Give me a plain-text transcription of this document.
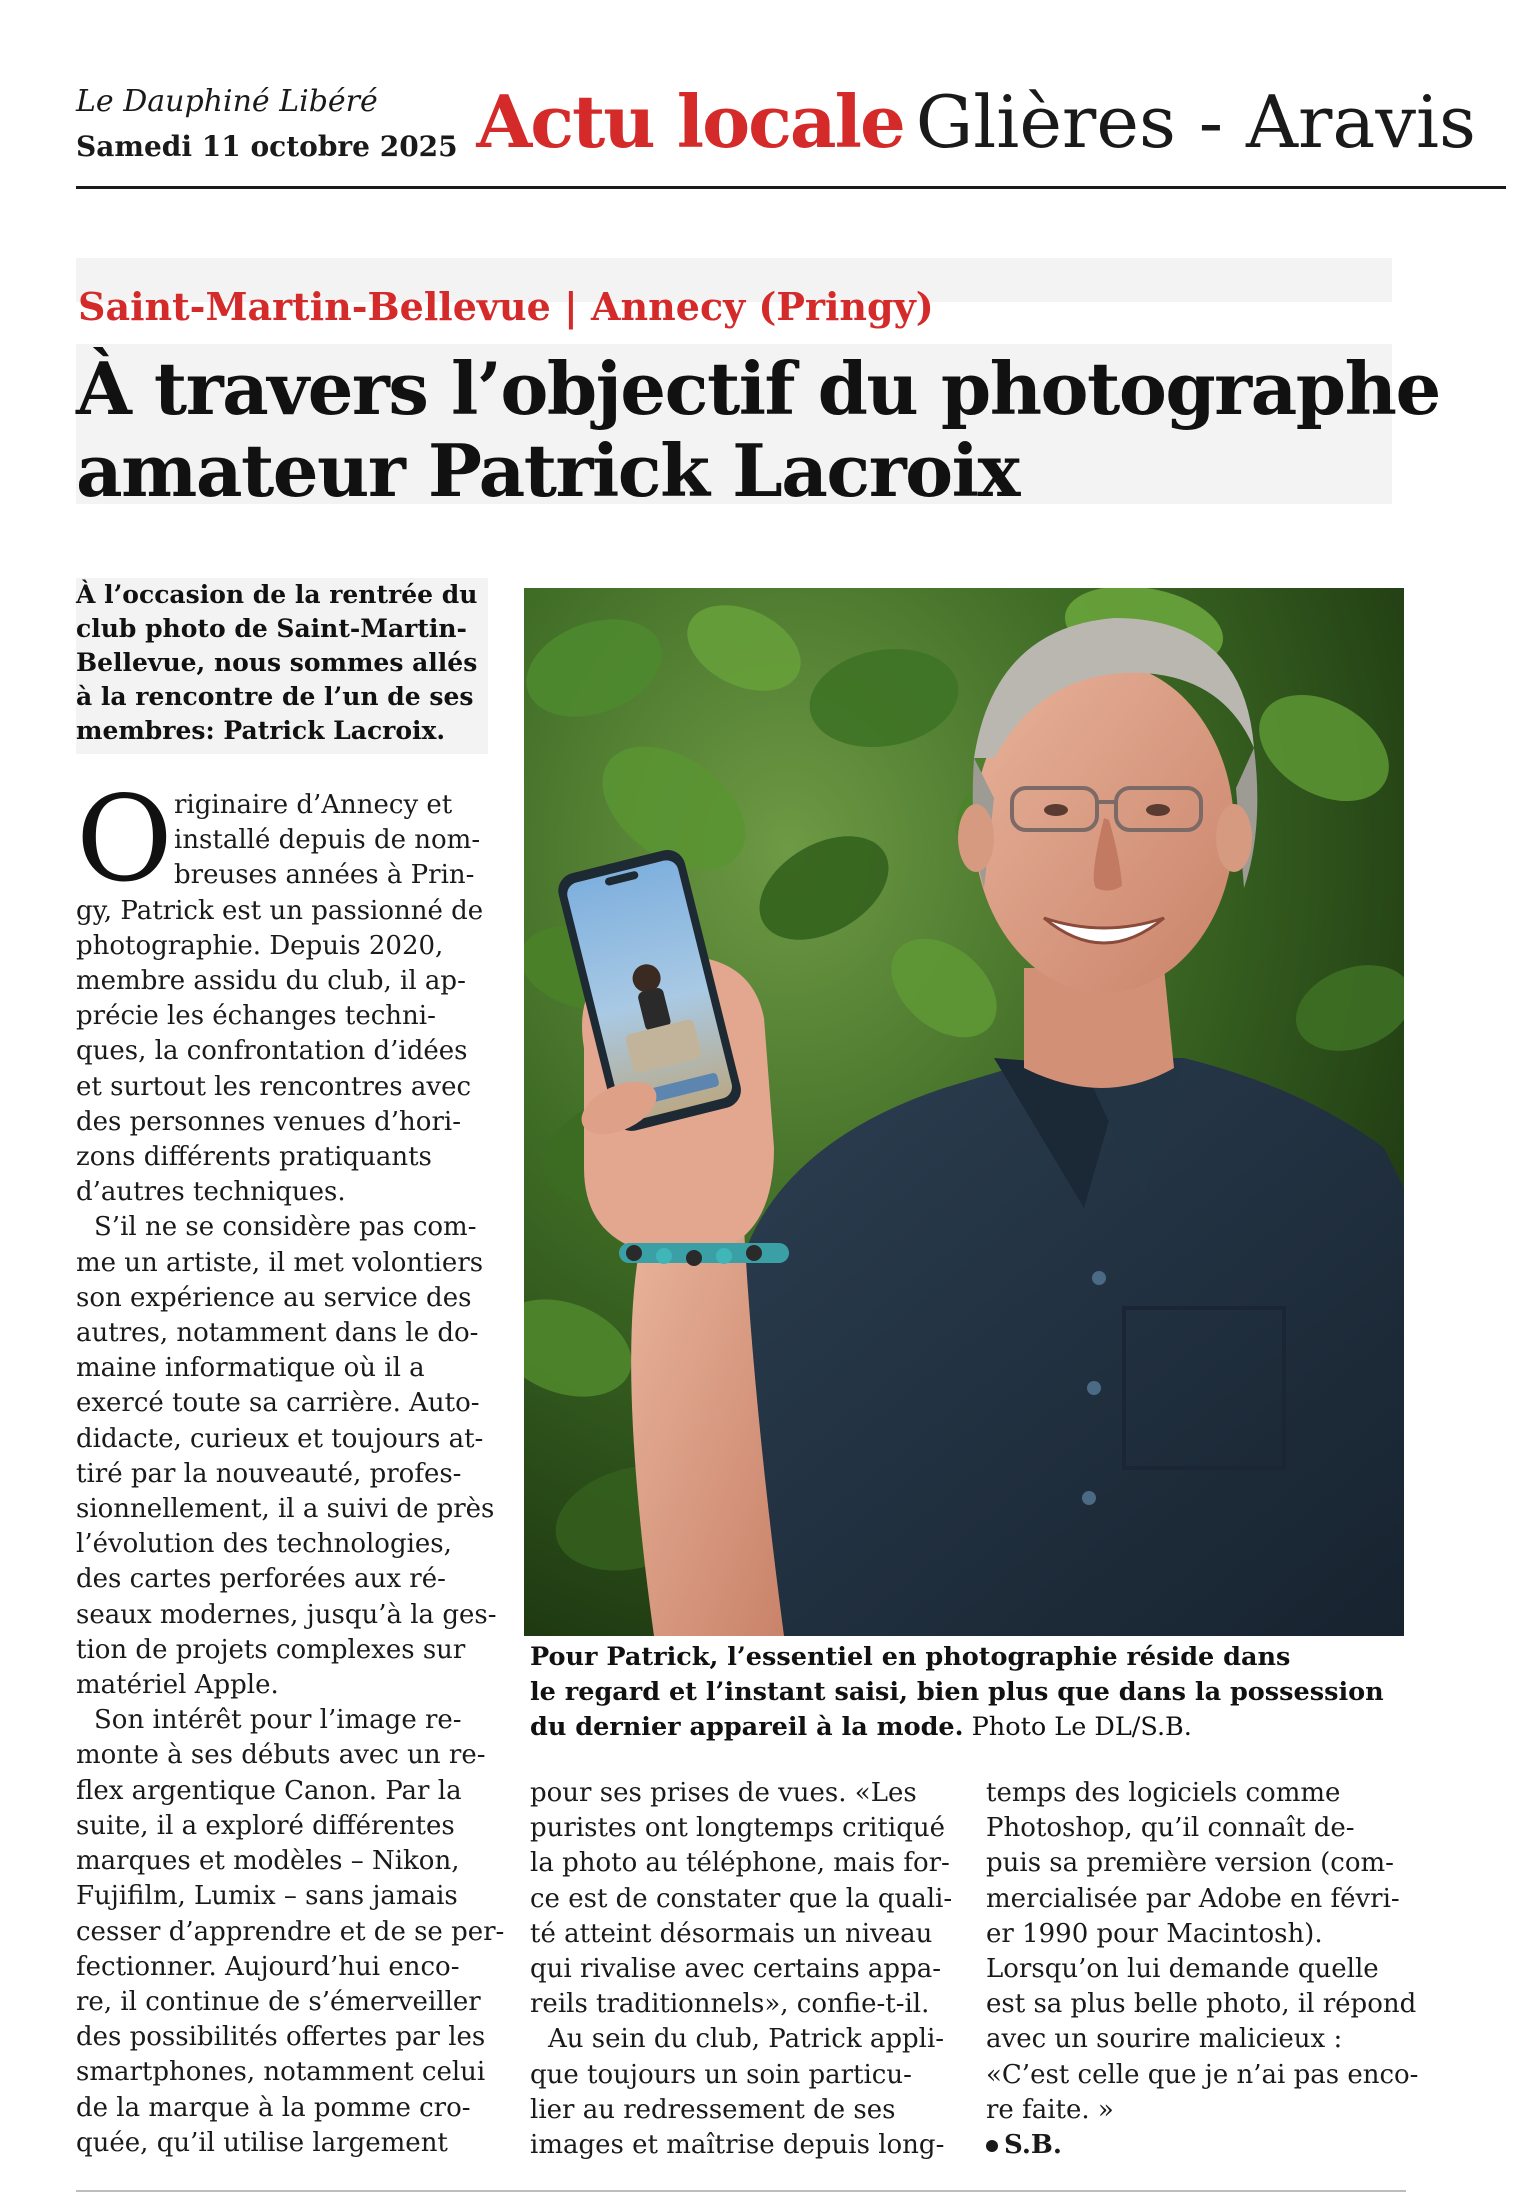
Le Dauphiné Libéré
Samedi 11 octobre 2025 Actu locale Glières - Aravis
Saint-Martin-Bellevue | Annecy (Pringy)
À travers l’objectif du photographe
amateur Patrick Lacroix
À l’occasion de la rentrée du
club photo de Saint-Martin-
Bellevue, nous sommes allés
à la rencontre de l’un de ses
membres: Patrick Lacroix.
O riginaire d’Annecy et
installé depuis de nom-
breuses années à Prin-
gy, Patrick est un passionné de
photographie. Depuis 2020,
membre assidu du club, il ap-
précie les échanges techni-
ques, la confrontation d’idées
et surtout les rencontres avec
des personnes venues d’hori-
zons différents pratiquants
d’autres techniques.
S’il ne se considère pas com-
me un artiste, il met volontiers
son expérience au service des
autres, notamment dans le do-
maine informatique où il a
exercé toute sa carrière. Auto-
didacte, curieux et toujours at-
tiré par la nouveauté, profes-
sionnellement, il a suivi de près
l’évolution des technologies,
des cartes perforées aux ré-
seaux modernes, jusqu’à la ges-
tion de projets complexes sur
matériel Apple.
Son intérêt pour l’image re-
monte à ses débuts avec un re-
flex argentique Canon. Par la
suite, il a exploré différentes
marques et modèles – Nikon,
Fujifilm, Lumix – sans jamais
cesser d’apprendre et de se per-
fectionner. Aujourd’hui enco-
re, il continue de s’émerveiller
des possibilités offertes par les
smartphones, notamment celui
de la marque à la pomme cro-
quée, qu’il utilise largement
Pour Patrick, l’essentiel en photographie réside dans
le regard et l’instant saisi, bien plus que dans la possession
du dernier appareil à la mode. Photo Le DL/S.B.
pour ses prises de vues. «Les
puristes ont longtemps critiqué
la photo au téléphone, mais for-
ce est de constater que la quali-
té atteint désormais un niveau
qui rivalise avec certains appa-
reils traditionnels», confie-t-il.
Au sein du club, Patrick appli-
que toujours un soin particu-
lier au redressement de ses
images et maîtrise depuis long-
temps des logiciels comme
Photoshop, qu’il connaît de-
puis sa première version (com-
mercialisée par Adobe en févri-
er 1990 pour Macintosh).
Lorsqu’on lui demande quelle
est sa plus belle photo, il répond
avec un sourire malicieux :
«C’est celle que je n’ai pas enco-
re faite. »
S.B.
